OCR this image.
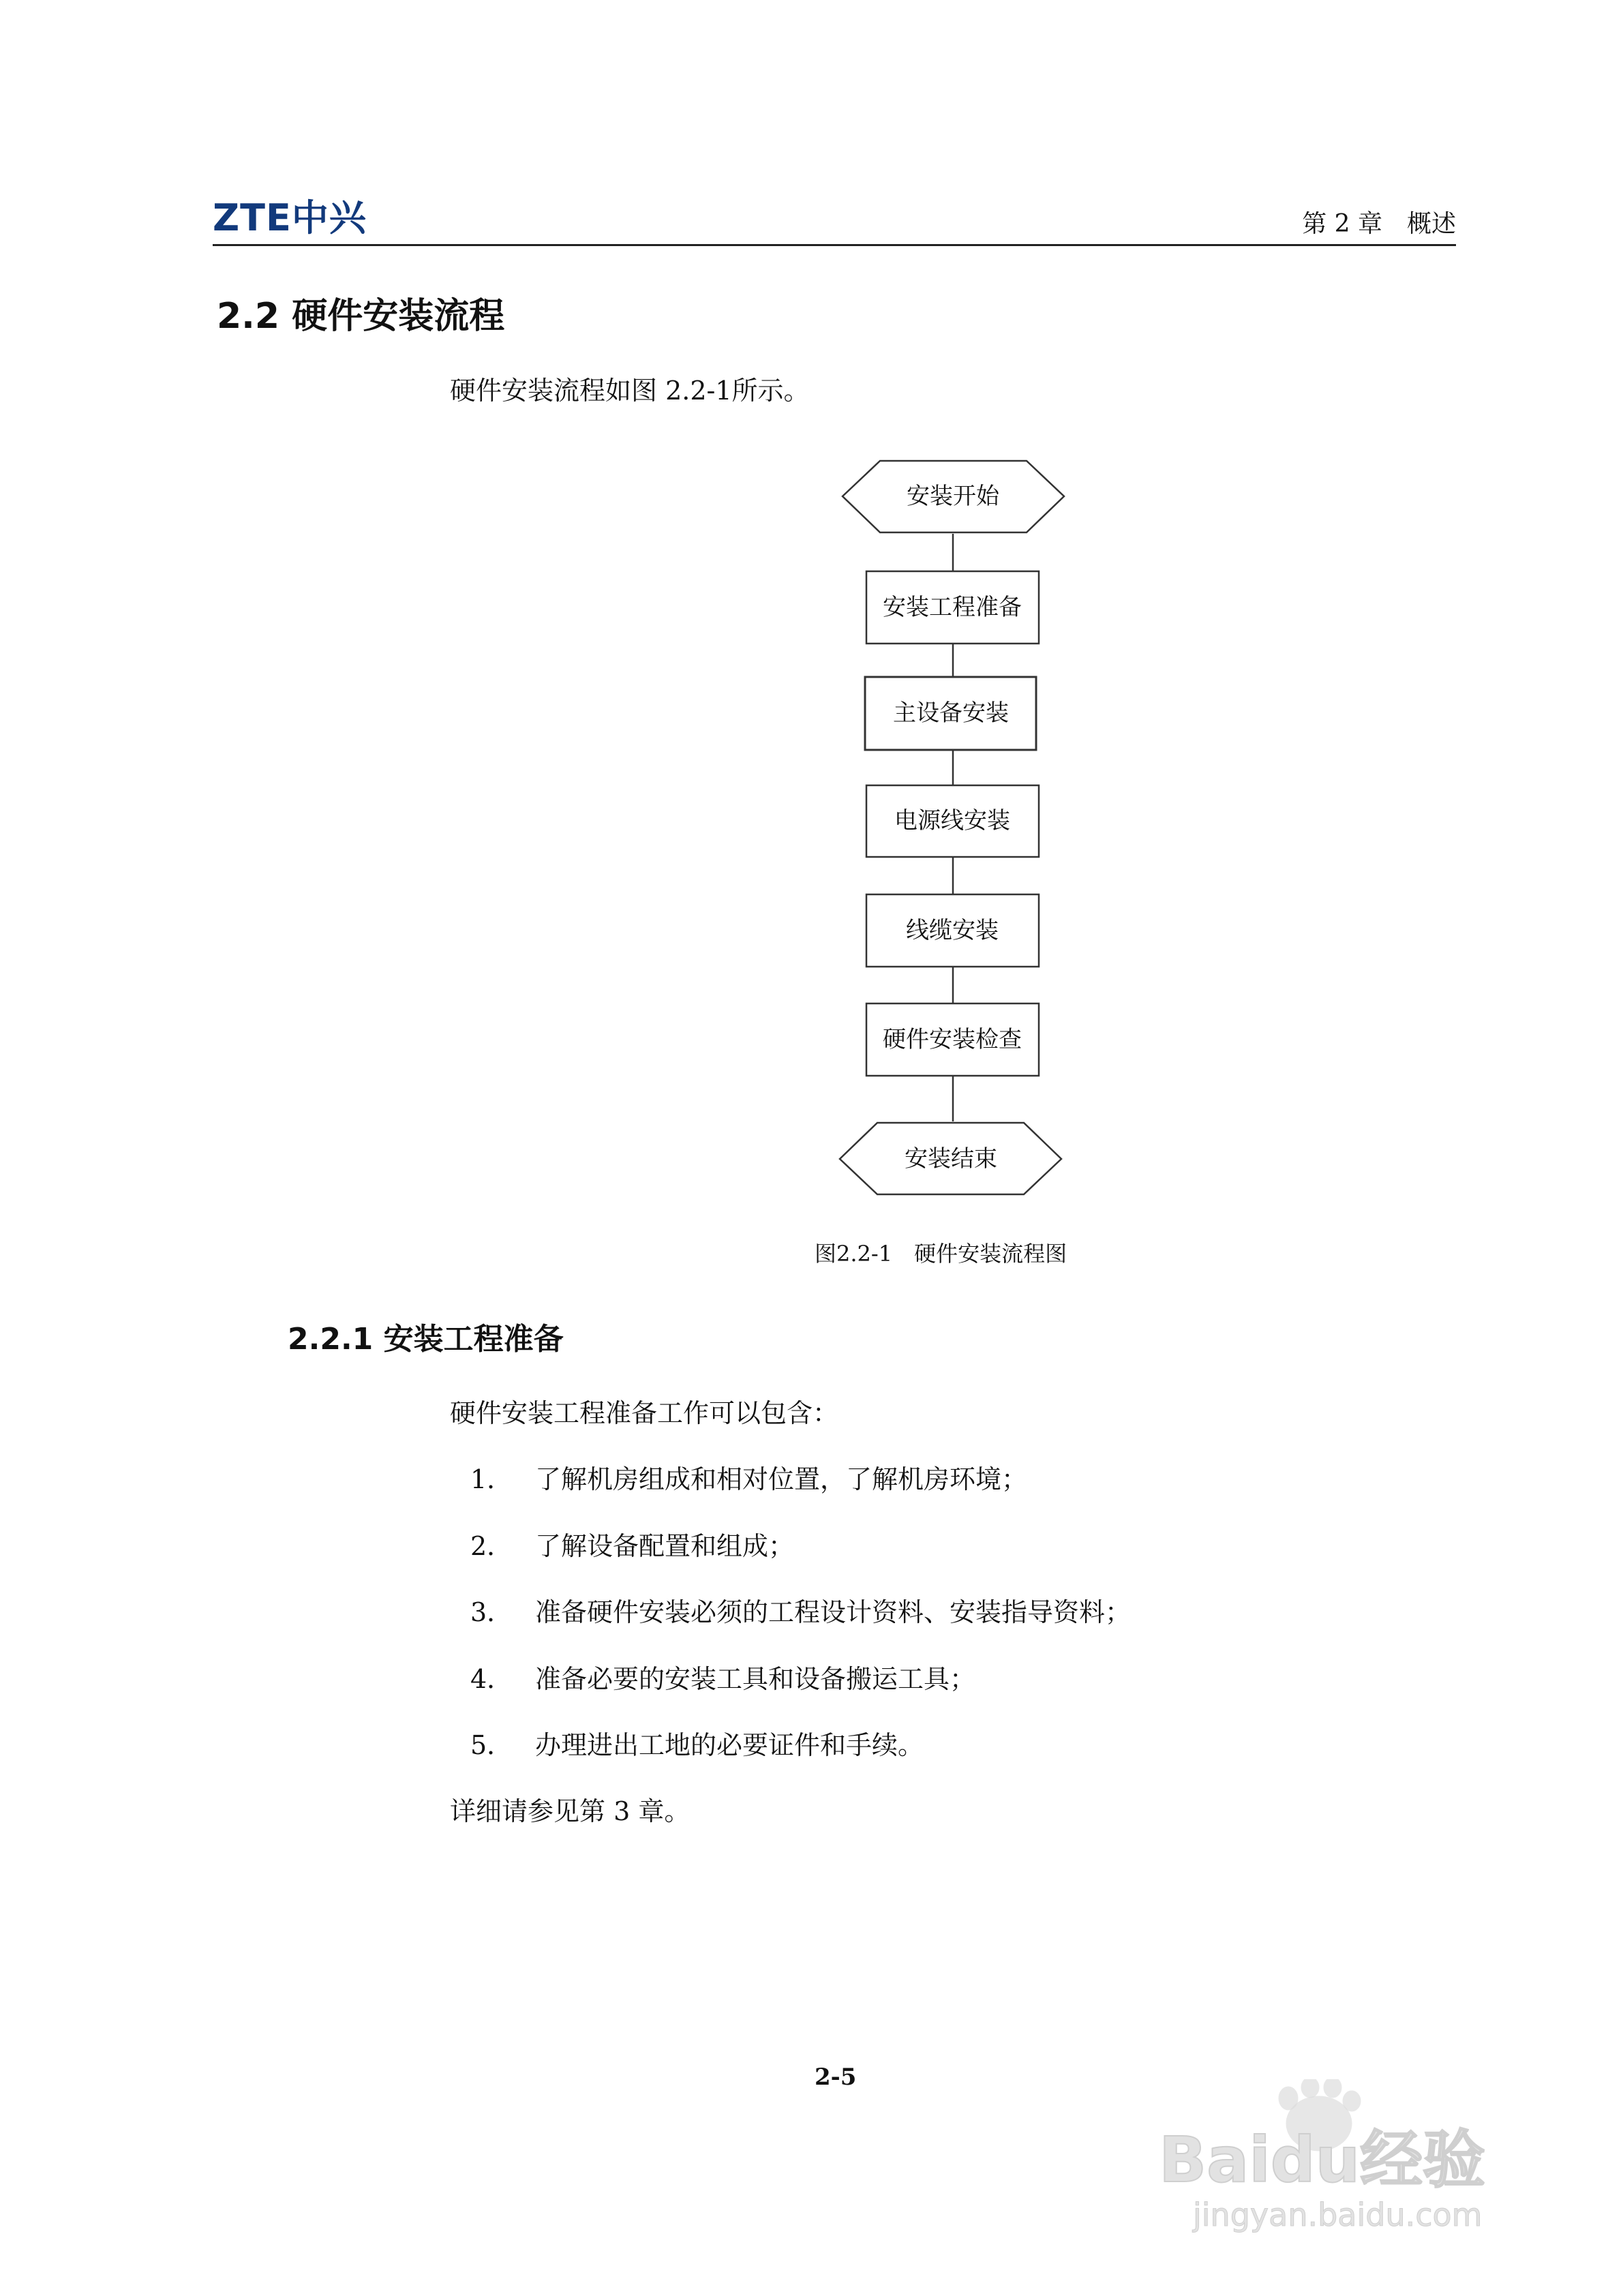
ZTE中兴	第 2 章　概述
2.2 硬件安装流程
硬件安装流程如图 2.2-1所示。
安装开始
安装工程准备
主设备安装
电源线安装
线缆安装
硬件安装检查
安装结束
图2.2-1　硬件安装流程图
2.2.1 安装工程准备
硬件安装工程准备工作可以包含：
1． 了解机房组成和相对位置，了解机房环境；
2． 了解设备配置和组成；
3． 准备硬件安装必须的工程设计资料、安装指导资料；
4． 准备必要的安装工具和设备搬运工具；
5． 办理进出工地的必要证件和手续。
详细请参见第 3 章。
2-5
Baidu经验
jingyan.baidu.com
